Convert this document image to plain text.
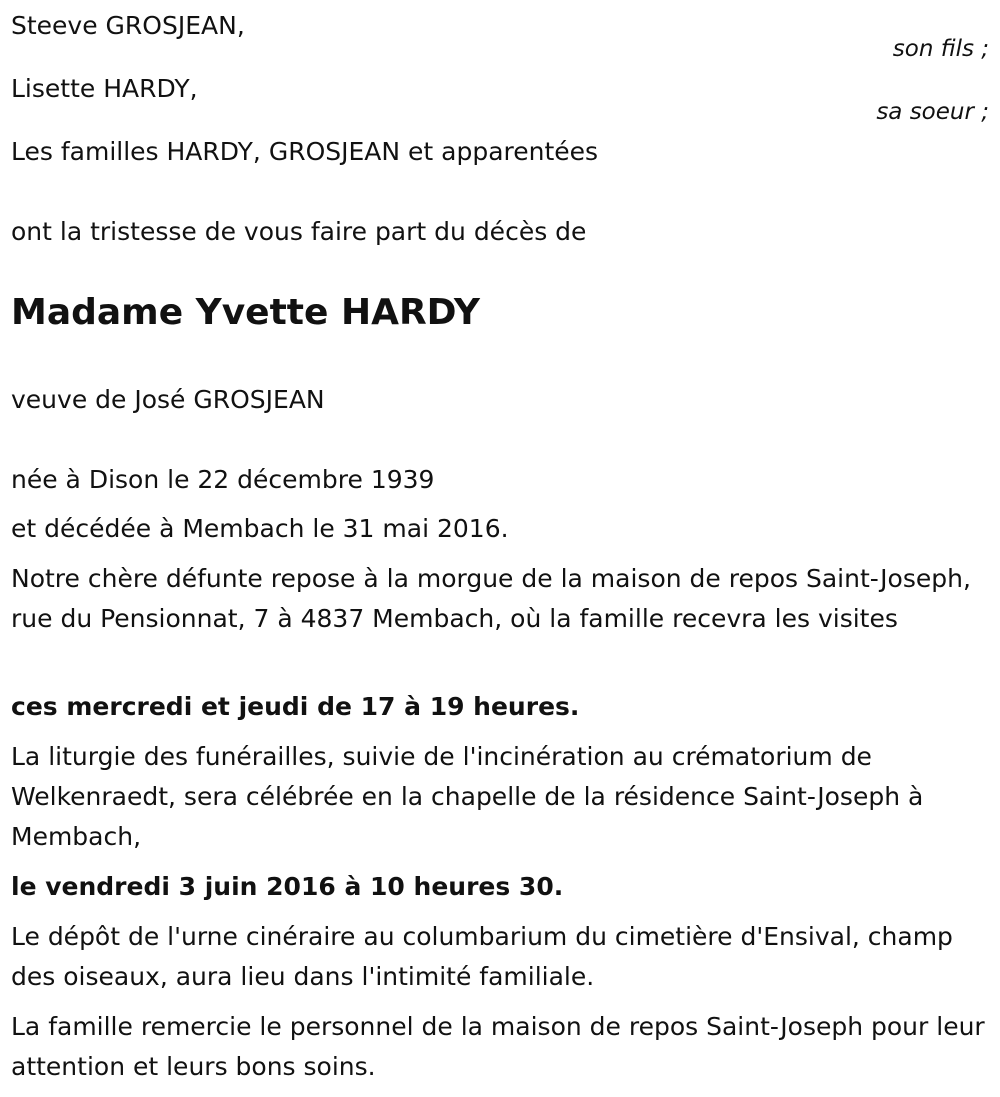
Steeve GROSJEAN,
son fils ;
Lisette HARDY,
sa soeur ;
Les familles HARDY, GROSJEAN et apparentées
ont la tristesse de vous faire part du décès de
Madame Yvette HARDY
veuve de José GROSJEAN
née à Dison le 22 décembre 1939
et décédée à Membach le 31 mai 2016.
Notre chère défunte repose à la morgue de la maison de repos Saint-Joseph, rue du Pensionnat, 7 à 4837 Membach, où la famille recevra les visites
ces mercredi et jeudi de 17 à 19 heures.
La liturgie des funérailles, suivie de l'incinération au crématorium de Welkenraedt, sera célébrée en la chapelle de la résidence Saint-Joseph à Membach,
le vendredi 3 juin 2016 à 10 heures 30.
Le dépôt de l'urne cinéraire au columbarium du cimetière d'Ensival, champ des oiseaux, aura lieu dans l'intimité familiale.
La famille remercie le personnel de la maison de repos Saint-Joseph pour leur attention et leurs bons soins.
